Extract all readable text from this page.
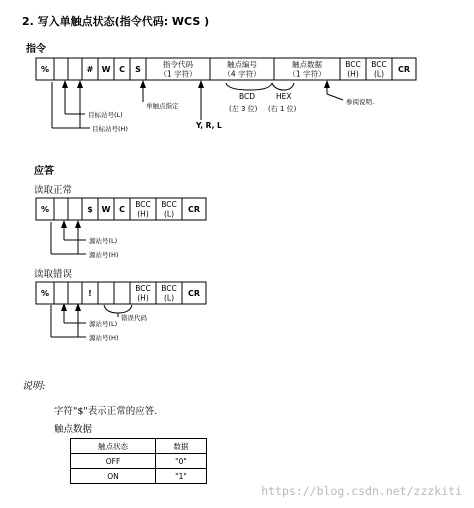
2. 写入单触点状态(指令代码: WCS )
指令
%	# W C S
指令代码
（1 字符）
触点编号
（4 字符）
触点数据
（1 字符）
BCC
(H)
BCC
(L)
CR
%	$ W C
BCC
(H)
BCC
(L)
CR
%	!
BCC
(H)
BCC
(L)
CR
目标站号(L)
目标站号(H)
单触点指定
Y, R, L
BCD	HEX
(左 3 位) (右 1 位)
参阅说明.
应答
读取正常
源站号(L)
源站号(H)
读取错误
错误代码
源站号(L)
源站号(H)
说明:
字符"$"表示正常的应答.
触点数据
触点状态	数据
OFF	"0"
ON	"1"
https://blog.csdn.net/zzzkiti
